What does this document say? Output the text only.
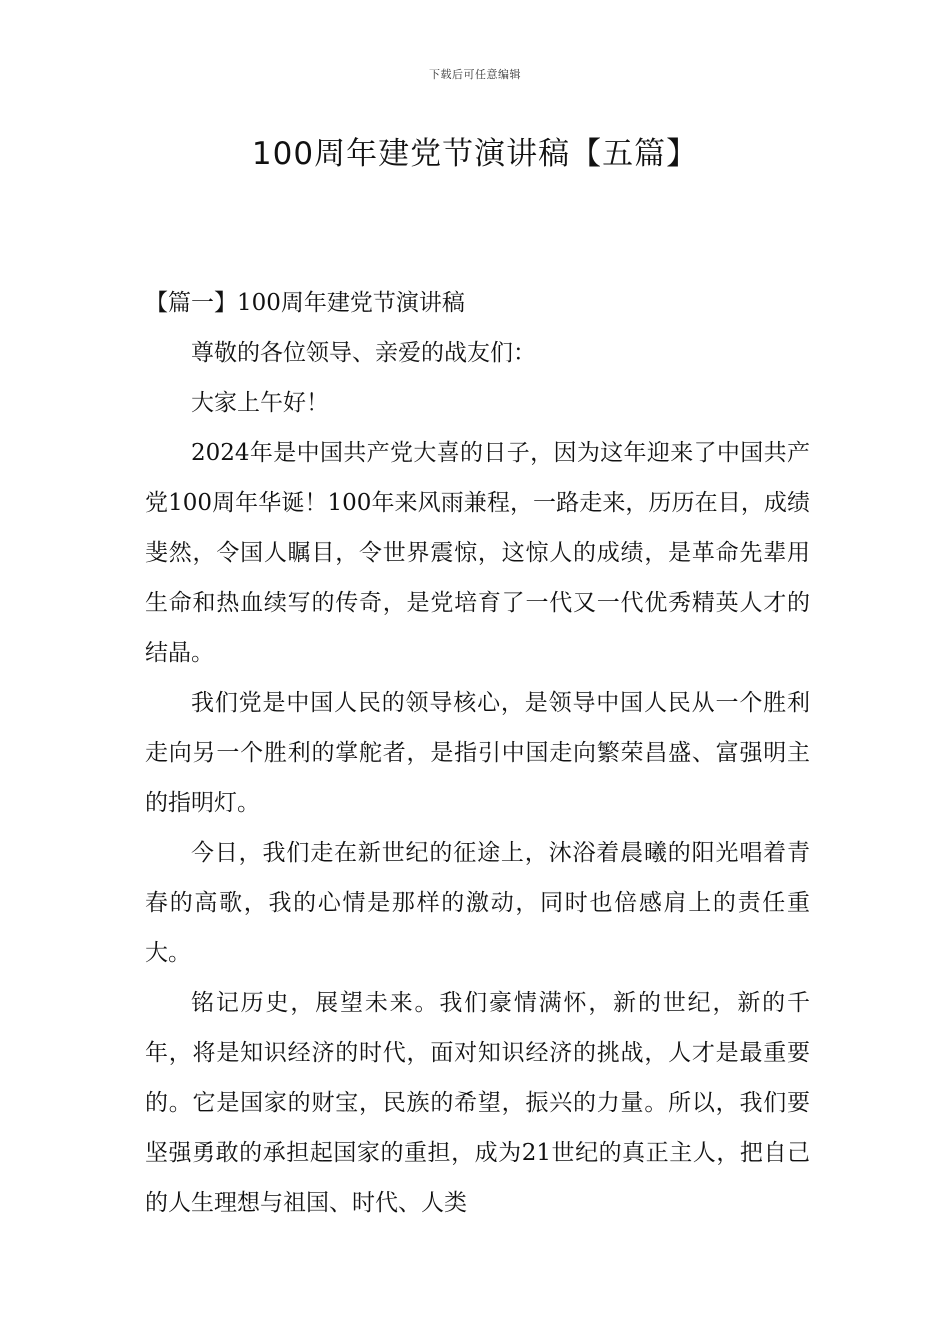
下载后可任意编辑
100周年建党节演讲稿【五篇】

【篇一】100周年建党节演讲稿

尊敬的各位领导、亲爱的战友们：

大家上午好！

2024年是中国共产党大喜的日子，因为这年迎来了中国共产党100周年华诞！100年来风雨兼程，一路走来，历历在目，成绩斐然，令国人瞩目，令世界震惊，这惊人的成绩，是革命先辈用生命和热血续写的传奇，是党培育了一代又一代优秀精英人才的结晶。

我们党是中国人民的领导核心，是领导中国人民从一个胜利走向另一个胜利的掌舵者，是指引中国走向繁荣昌盛、富强明主的指明灯。

今日，我们走在新世纪的征途上，沐浴着晨曦的阳光唱着青春的高歌，我的心情是那样的激动，同时也倍感肩上的责任重大。

铭记历史，展望未来。我们豪情满怀，新的世纪，新的千年，将是知识经济的时代，面对知识经济的挑战，人才是最重要的。它是国家的财宝，民族的希望，振兴的力量。所以，我们要坚强勇敢的承担起国家的重担，成为21世纪的真正主人，把自己的人生理想与祖国、时代、人类
